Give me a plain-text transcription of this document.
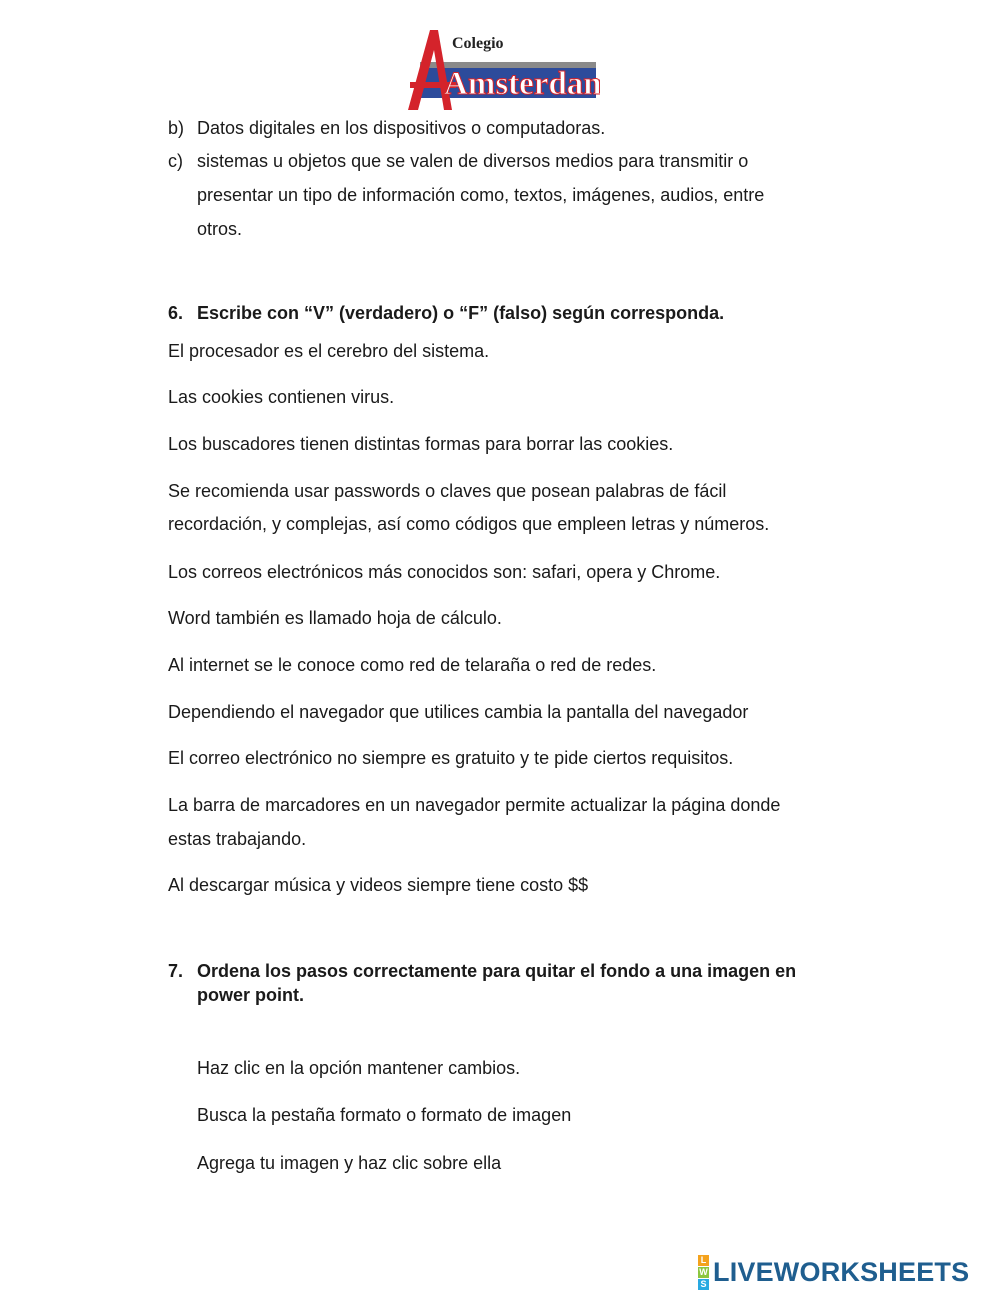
Colegio
Amsterdam
b) Datos digitales en los dispositivos o computadoras.
c) sistemas u objetos que se valen de diversos medios para transmitir o
presentar un tipo de información como, textos, imágenes, audios, entre
otros.
6. Escribe con “V” (verdadero) o “F” (falso) según corresponda.
El procesador es el cerebro del sistema.
Las cookies contienen virus.
Los buscadores tienen distintas formas para borrar las cookies.
Se recomienda usar passwords o claves que posean palabras de fácil
recordación, y complejas, así como códigos que empleen letras y números.
Los correos electrónicos más conocidos son: safari, opera y Chrome.
Word también es llamado hoja de cálculo.
Al internet se le conoce como red de telaraña o red de redes.
Dependiendo el navegador que utilices cambia la pantalla del navegador
El correo electrónico no siempre es gratuito y te pide ciertos requisitos.
La barra de marcadores en un navegador permite actualizar la página donde
estas trabajando.
Al descargar música y videos siempre tiene costo $$
7. Ordena los pasos correctamente para quitar el fondo a una imagen en
power point.
Haz clic en la opción mantener cambios.
Busca la pestaña formato o formato de imagen
Agrega tu imagen y haz clic sobre ella
L
W
S LIVEWORKSHEETS
